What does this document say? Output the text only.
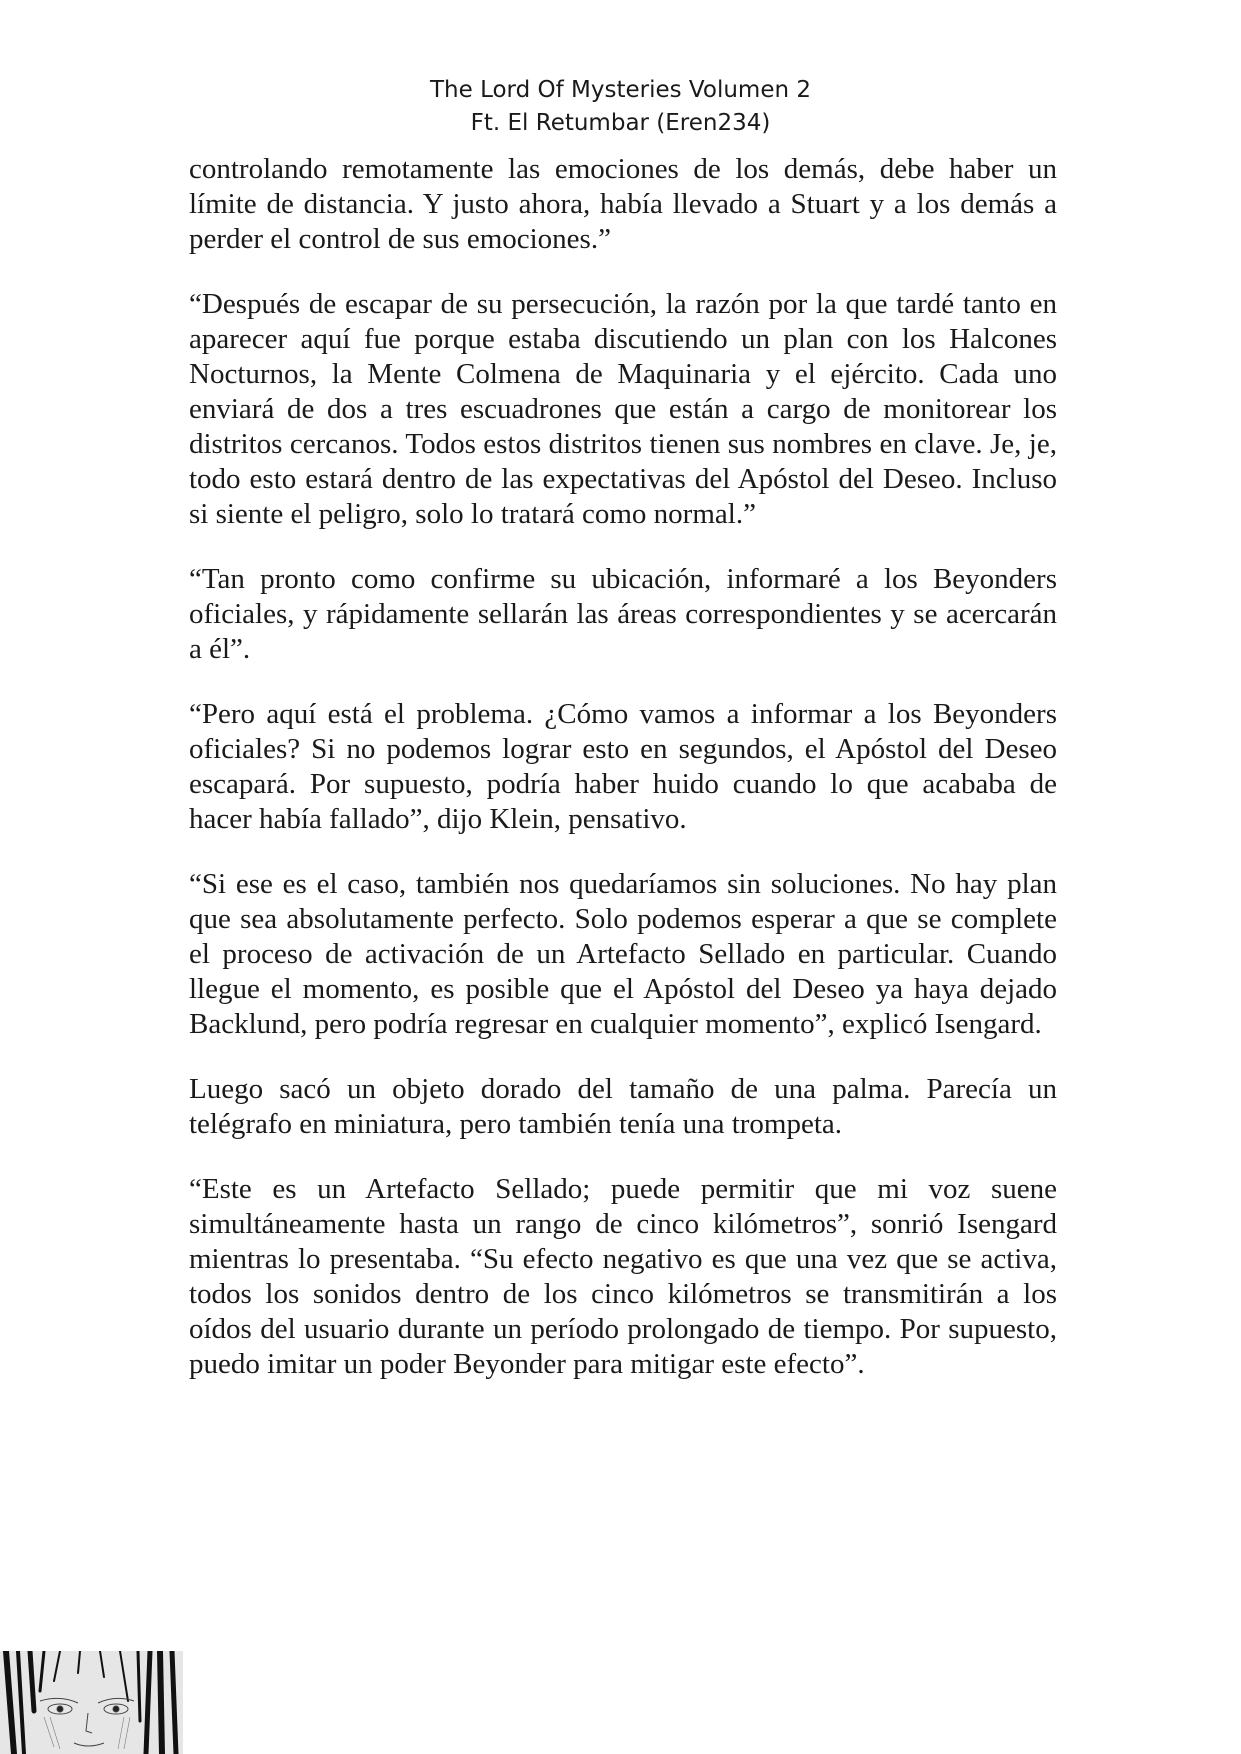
The Lord Of Mysteries Volumen 2
Ft. El Retumbar (Eren234)

controlando remotamente las emociones de los demás, debe haber un límite de distancia. Y justo ahora, había llevado a Stuart y a los demás a perder el control de sus emociones.”

“Después de escapar de su persecución, la razón por la que tardé tanto en aparecer aquí fue porque estaba discutiendo un plan con los Halcones Nocturnos, la Mente Colmena de Maquinaria y el ejército. Cada uno enviará de dos a tres escuadrones que están a cargo de monitorear los distritos cercanos. Todos estos distritos tienen sus nombres en clave. Je, je, todo esto estará dentro de las expectativas del Apóstol del Deseo. Incluso si siente el peligro, solo lo tratará como normal.”

“Tan pronto como confirme su ubicación, informaré a los Beyonders oficiales, y rápidamente sellarán las áreas correspondientes y se acercarán a él”.

“Pero aquí está el problema. ¿Cómo vamos a informar a los Beyonders oficiales? Si no podemos lograr esto en segundos, el Apóstol del Deseo escapará. Por supuesto, podría haber huido cuando lo que acababa de hacer había fallado”, dijo Klein, pensativo.

“Si ese es el caso, también nos quedaríamos sin soluciones. No hay plan que sea absolutamente perfecto. Solo podemos esperar a que se complete el proceso de activación de un Artefacto Sellado en particular. Cuando llegue el momento, es posible que el Apóstol del Deseo ya haya dejado Backlund, pero podría regresar en cualquier momento”, explicó Isengard.

Luego sacó un objeto dorado del tamaño de una palma. Parecía un telégrafo en miniatura, pero también tenía una trompeta.

“Este es un Artefacto Sellado; puede permitir que mi voz suene simultáneamente hasta un rango de cinco kilómetros”, sonrió Isengard mientras lo presentaba. “Su efecto negativo es que una vez que se activa, todos los sonidos dentro de los cinco kilómetros se transmitirán a los oídos del usuario durante un período prolongado de tiempo. Por supuesto, puedo imitar un poder Beyonder para mitigar este efecto”.
